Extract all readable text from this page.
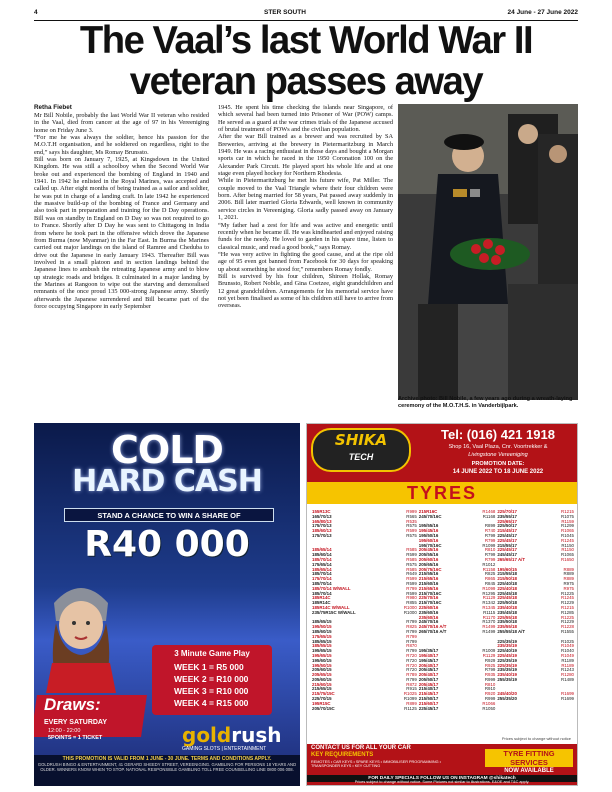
4	STER SOUTH	24 June - 27 June 2022
The Vaal’s last World War II
veteran passes away
Retha Fiebet

Mr Bill Nobile, probably the last World War II veteran who resided in the Vaal, died from cancer at the age of 97 in his Vereeniging home on Friday June 3.

“For me he was always the soldier, hence his passion for the M.O.T.H organisation, and he soldiered on regardless, right to the end,” says his daughter, Ms Romay Brunssto.

Bill was born on January 7, 1925, at Kingsdown in the United Kingdom. He was still a schoolboy when the Second World War broke out and experienced the bombing of England in 1940 and 1941. In 1942 he enlisted in the Royal Marines, was accepted and called up. After eight months of being trained as a sailor and soldier, he was put in charge of a landing craft. In late 1942 he experienced the massive build-up of the bombing of France and Germany and also took part in preparation and training for the D Day operations. Bill was on standby in England on D Day so was not required to go to France. Shortly after D Day he was sent to Chittagong in India from where he took part in the offensive which drove the Japanese from Burma (now Myanmar) in the Far East. In Burma the Marines carried out major landings on the island of Ramree and Cheduba to drive out the Japanese in early January 1943. Thereafter Bill was involved in a small platoon and in section landings behind the Japanese lines to ambush the retreating Japanese army and to blow up strategic roads and bridges. It culminated in a major landing by the Marines at Rangoon to wipe out the starving and demoralised remnants of the once proud 135 000-strong Japanese army. Shortly afterwards the Japanese surrendered and Bill became part of the force occupying Singapore in early September

1945. He spent his time checking the islands near Singapore, of which several had been turned into Prisoner of War (POW) camps. He served as a guard at the war crimes trials of the Japanese accused of brutal treatment of POWs and the civilian population.

After the war Bill trained as a brewer and was recruited by SA Breweries, arriving at the brewery in Pietermaritzburg in March 1949. He was a racing enthusiast in those days and bought a Morgan sports car in which he raced in the 1950 Coronation 100 on the Alexander Park Circuit. He played sport his whole life and at one stage even played hockey for Northern Rhodesia.

While in Pietermaritzburg he met his future wife, Pat Miller. The couple moved to the Vaal Triangle where their four children were born. After being married for 58 years, Pat passed away suddenly in 2006. Bill later married Gloria Edwards, well known in community service circles in Vereeniging. Gloria sadly passed away on January 1, 2021.

“My father had a zest for life and was active and energetic until recently when he became ill. He was kindhearted and enjoyed raising funds for the needy. He loved to garden in his spare time, listen to classical music, and read a good book,” says Romay.

“He was very active in fighting the good cause, and at the ripe old age of 95 even got banned from Facebook for 30 days for speaking up about something he stood for,” remembers Romay fondly.

Bill is survived by his four children, Shireen Hollak, Romay Brunssto, Robert Nobile, and Gina Coetzee, eight grandchildren and 12 great grandchildren. Arrangements for his memorial service have not yet been finalised as some of his children still have to arrive from overseas.

Archive photo: Bill Nobile, a few years ago during a wreath-laying ceremony of the M.O.T.H.S. in Vanderbijlpark.
COLD
HARD CASH
STAND A CHANCE TO WIN A SHARE OF
R40 000
3 Minute Game Play
WEEK 1 = R5 000
WEEK 2 = R10 000
WEEK 3 = R10 000
WEEK 4 = R15 000
Draws:
EVERY SATURDAY
12:00 - 22:00
5POINTS = 1 TICKET	goldrush
GAMING SLOTS | ENTERTAINMENT
THIS PROMOTION IS VALID FROM 1 JUNE - 30 JUNE. TERMS AND CONDITIONS APPLY.
GOLDRUSH BINGO & ENTERTAINMENT, 41 GERARD SHEEDY STREET, VEREENIGING. GAMBLING FOR PERSONS 18 YEARS AND OLDER. WINNERS KNOW WHEN TO STOP. NATIONAL RESPONSIBLE GAMBLING TOLL FREE COUNSELLING LINE 0800 006 008.
SHIKA
TECH
Tel: (016) 421 1918
Shop 16, Vaal Plaza, Cnr. Voortrekker &
Livingstone Vereeniging
PROMOTION DATE:
14 JUNE 2022 TO 18 JUNE 2022
TYRES
155R13C	R999	215R16C	R1468	225/70/17	R1215
165/70/13	R565	245/70/16C	R1168	235/55/17	R1075
165/80/13	R535			225/65/17	R1159
175/70/13	R575	195/55/16	R899	225/50/17	R1299
185/60/13	R599	195/45/16	R740	215/45/17	R1065
175/70/13	R575	195/50/16	R799	225/45/17	R1045
		195/60/16	R799	225/45/17	R1245
		195/70/16C	R1099	215/55/17	R1150
185/65/14	R585	205/45/16	R810	225/45/17	R1150
185/60/14	R599	205/55/16	R799	245/45/17	R1065
185/70/14	R585	205/60/16	R799	265/65/17 A/T	R1650
175/65/14	R575	205/65/16	R1012		
185/65/14	R585	205/75/16C	R1158	195/60/15	R889
185/70/14	R649	215/55/16	R825	215/55/18	R889
175/70/14	R599	215/65/16	R865	215/50/18	R889
185/70/14	R599	215/60/16	R845	225/40/18	R975
185/70/14 W/WALL	R799	215/65/16	R1099	225/40/18	R975
185/70/14	R599	215/70/16C	R1295	225/45/18	R1225
185R14C	R980	225/70/16	R1129	225/45/18	R1245
185R14C	R855	215/70/16C	R1342	225/50/18	R1229
185R14C W/WALL	R1000	225/60/16	R1345	235/40/18	R1215
235/75R15C W/WALL	R1000	235/60/16	R1115	235/45/18	R1285
		235/60/16	R1170	225/55/18	R1225
185/65/15	R799	245/70/16	R1370	235/50/18	R1229
195/50/15	R825	245/70/16 A/T	R1499	235/55/18	R1228
185/60/15	R799	265/70/16 A/T	R1499	255/55/18 A/T	R1555
175/65/15	R799				
185/65/15	R799			225/35/19	R1025
185/55/15	R870			235/35/19	R1049
195/65/15	R799	195/35/17	R1009	225/40/19	R1040
195/65/15	R720	195/40/17	R1129	225/45/19	R1049
195/60/15	R720	195/45/17	R929	225/35/19	R1189
195/50/15	R720	205/40/17	R925	225/35/19	R1189
205/60/15	R720	205/45/17	R799	235/35/19	R1243
205/65/15	R789	205/40/17	R935	235/40/19	R1280
205/60/15	R799	205/50/17	R999	255/35/19	R1489
215/60/15	R872	205/45/17	R810		
215/65/15	R915	215/40/17	R910		
215/75/15C	R1025	215/45/17	R920	245/40/20	R1699
225/70/15	R1099	215/50/17	R999	255/35/20	R1699
195R15C	R899	215/60/17	R1066		
205/70/15C	R1125	225/45/17	R1050		
Prices subject to change without notice
CONTACT US FOR ALL YOUR CAR
KEY REQUIREMENTS
REMOTES • CAR KEYS • SPARE KEYS • IMMOBILISER PROGRAMMING • TRANSPONDER KEYS • KEY CUTTING
TYRE FITTING SERVICES
NOW AVAILABLE
FOR DAILY SPECIALS FOLLOW US ON INSTAGRAM @shikatech
Prices subject to change without notice. Some Pictures not similar to illustrations. E&OE and T&C apply.
